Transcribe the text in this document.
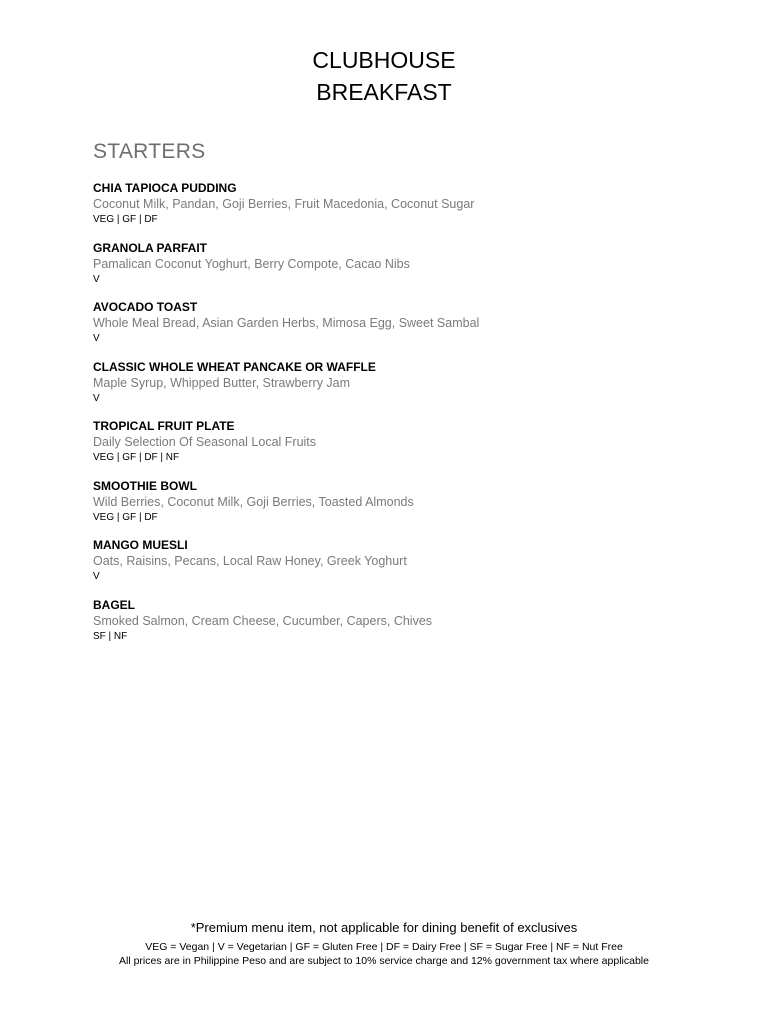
CLUBHOUSE
BREAKFAST
STARTERS

CHIA TAPIOCA PUDDING

Coconut Milk, Pandan, Goji Berries, Fruit Macedonia, Coconut Sugar

VEG | GF | DF

GRANOLA PARFAIT

Pamalican Coconut Yoghurt, Berry Compote, Cacao Nibs

V

AVOCADO TOAST

Whole Meal Bread, Asian Garden Herbs, Mimosa Egg, Sweet Sambal

V

CLASSIC WHOLE WHEAT PANCAKE OR WAFFLE

Maple Syrup, Whipped Butter, Strawberry Jam

V

TROPICAL FRUIT PLATE

Daily Selection Of Seasonal Local Fruits

VEG | GF | DF | NF

SMOOTHIE BOWL

Wild Berries, Coconut Milk, Goji Berries, Toasted Almonds

VEG | GF | DF

MANGO MUESLI

Oats, Raisins, Pecans, Local Raw Honey, Greek Yoghurt

V

BAGEL

Smoked Salmon, Cream Cheese, Cucumber, Capers, Chives

SF | NF

*Premium menu item, not applicable for dining benefit of exclusives
VEG = Vegan | V = Vegetarian | GF = Gluten Free | DF = Dairy Free | SF = Sugar Free | NF = Nut Free
All prices are in Philippine Peso and are subject to 10% service charge and 12% government tax where applicable
